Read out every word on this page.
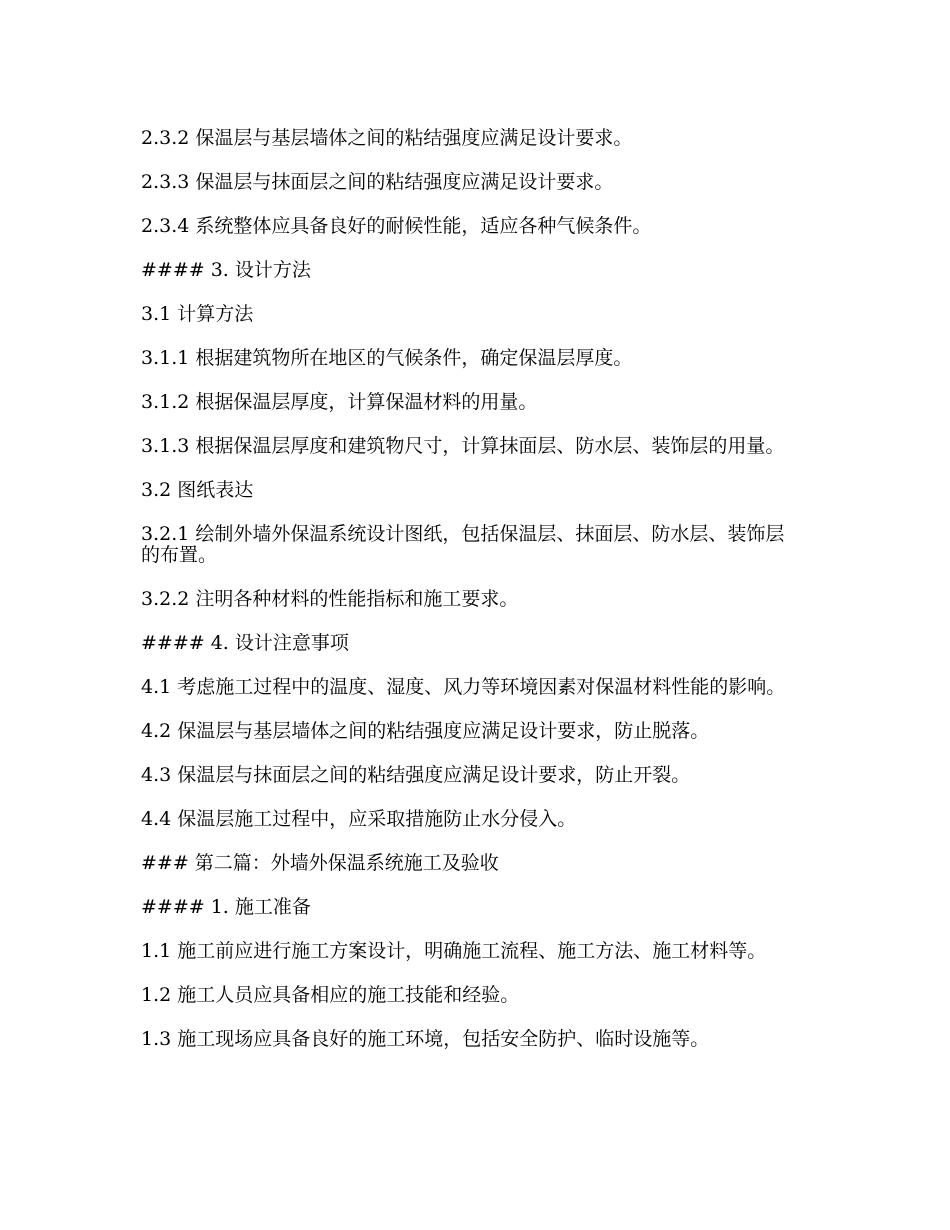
2.3.2 保温层与基层墙体之间的粘结强度应满足设计要求。

2.3.3 保温层与抹面层之间的粘结强度应满足设计要求。

2.3.4 系统整体应具备良好的耐候性能，适应各种气候条件。

#### 3. 设计方法

3.1 计算方法

3.1.1 根据建筑物所在地区的气候条件，确定保温层厚度。

3.1.2 根据保温层厚度，计算保温材料的用量。

3.1.3 根据保温层厚度和建筑物尺寸，计算抹面层、防水层、装饰层的用量。

3.2 图纸表达

3.2.1 绘制外墙外保温系统设计图纸，包括保温层、抹面层、防水层、装饰层的布置。

3.2.2 注明各种材料的性能指标和施工要求。

#### 4. 设计注意事项

4.1 考虑施工过程中的温度、湿度、风力等环境因素对保温材料性能的影响。

4.2 保温层与基层墙体之间的粘结强度应满足设计要求，防止脱落。

4.3 保温层与抹面层之间的粘结强度应满足设计要求，防止开裂。

4.4 保温层施工过程中，应采取措施防止水分侵入。

### 第二篇：外墙外保温系统施工及验收

#### 1. 施工准备

1.1 施工前应进行施工方案设计，明确施工流程、施工方法、施工材料等。

1.2 施工人员应具备相应的施工技能和经验。

1.3 施工现场应具备良好的施工环境，包括安全防护、临时设施等。
